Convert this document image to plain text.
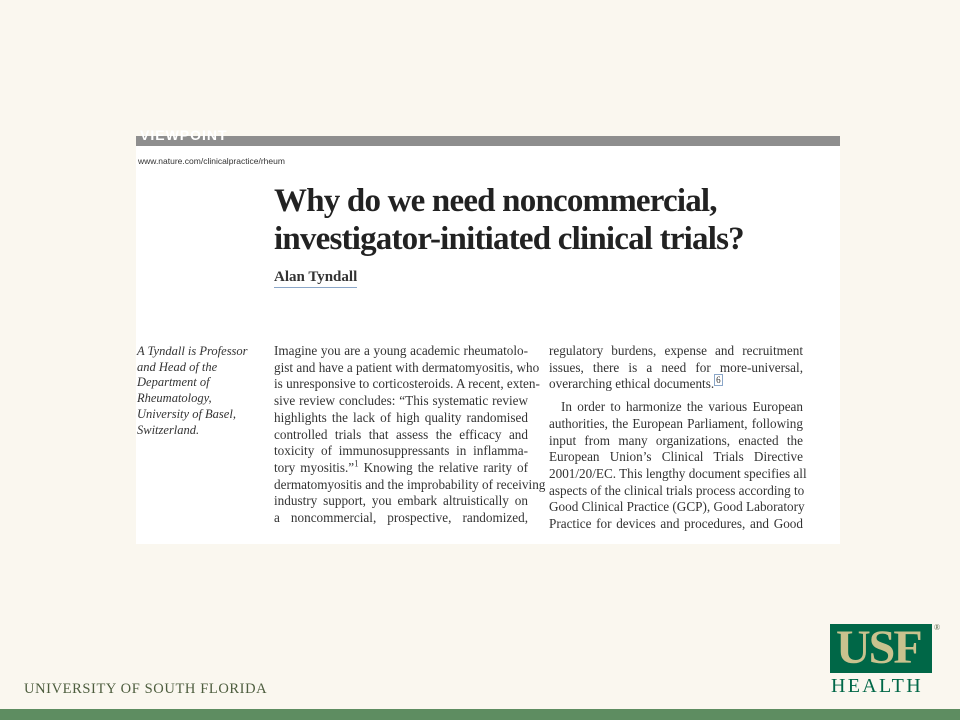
VIEWPOINT
www.nature.com/clinicalpractice/rheum
Why do we need noncommercial,
investigator-initiated clinical trials?
Alan Tyndall
A Tyndall is Professor
and Head of the
Department of
Rheumatology,
University of Basel,
Switzerland.
Imagine you are a young academic rheumatolo-
gist and have a patient with dermatomyositis, who
is unresponsive to corticosteroids. A recent, exten-
sive review concludes: “This systematic review
highlights the lack of high quality randomised
controlled trials that assess the efficacy and
toxicity of immunosuppressants in inflamma-
tory myositis.”$^1$ Knowing the relative rarity of
dermatomyositis and the improbability of receiving
industry support, you embark altruistically on
a noncommercial, prospective, randomized,
regulatory burdens, expense and recruitment
issues, there is a need for more-universal,
overarching ethical documents. $^6$
In order to harmonize the various European
authorities, the European Parliament, following
input from many organizations, enacted the
European Union’s Clinical Trials Directive
2001/20/EC. This lengthy document specifies all
aspects of the clinical trials process according to
Good Clinical Practice (GCP), Good Laboratory
Practice for devices and procedures, and Good
UNIVERSITY OF SOUTH FLORIDA
USF ®
HEALTH
